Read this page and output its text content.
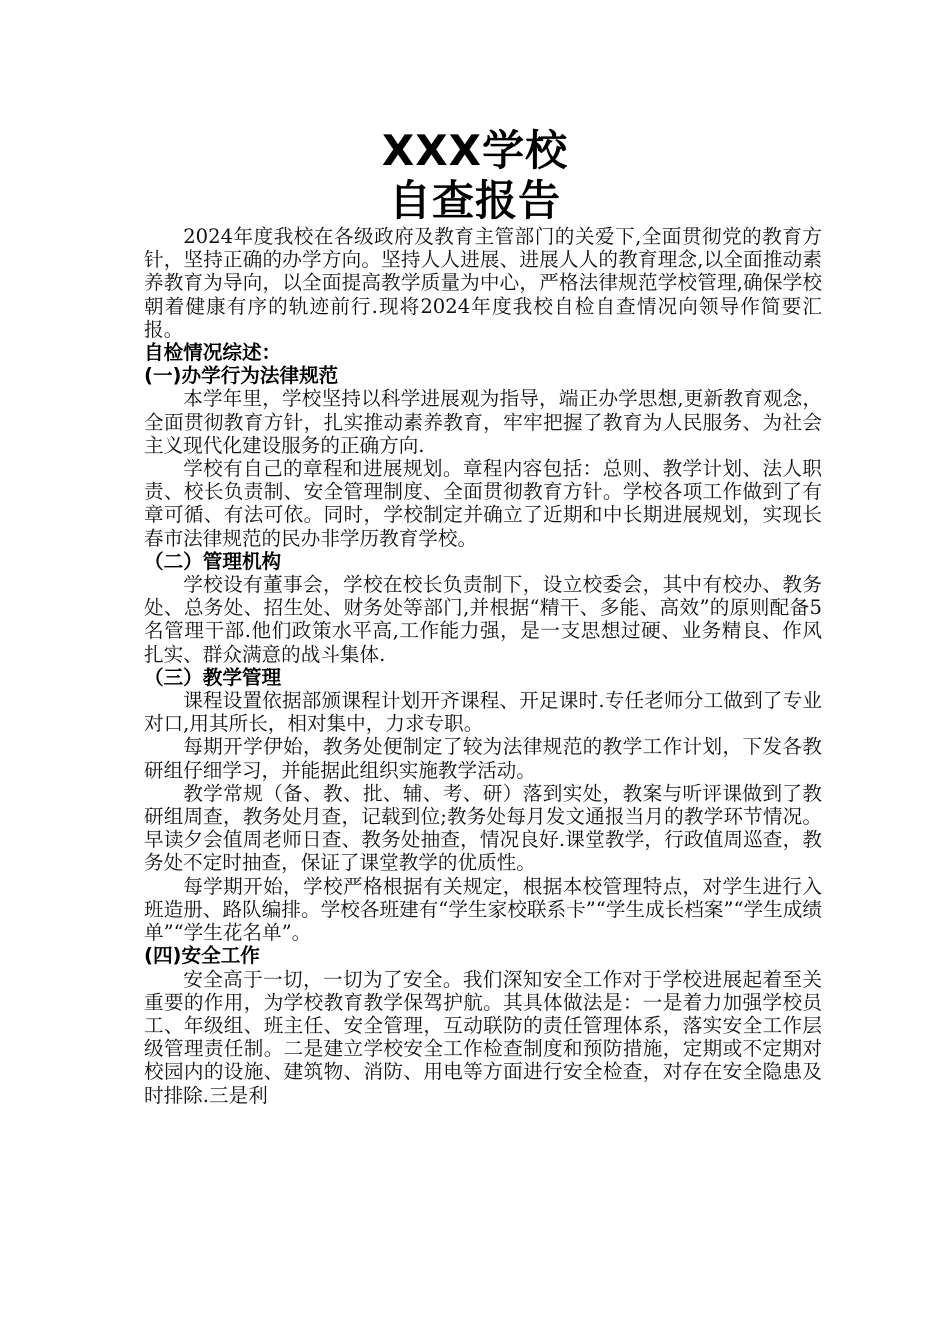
XXX学校
自查报告

2024年度我校在各级政府及教育主管部门的关爱下,全面贯彻党的教育方针，坚持正确的办学方向。坚持人人进展、进展人人的教育理念,以全面推动素养教育为导向，以全面提高教学质量为中心，严格法律规范学校管理,确保学校朝着健康有序的轨迹前行.现将2024年度我校自检自查情况向领导作简要汇报。

自检情况综述：

(一)办学行为法律规范

本学年里，学校坚持以科学进展观为指导，端正办学思想,更新教育观念，全面贯彻教育方针，扎实推动素养教育，牢牢把握了教育为人民服务、为社会主义现代化建设服务的正确方向.

学校有自己的章程和进展规划。章程内容包括：总则、教学计划、法人职责、校长负责制、安全管理制度、全面贯彻教育方针。学校各项工作做到了有章可循、有法可依。同时，学校制定并确立了近期和中长期进展规划，实现长春市法律规范的民办非学历教育学校。

（二）管理机构

学校设有董事会，学校在校长负责制下，设立校委会，其中有校办、教务处、总务处、招生处、财务处等部门,并根据“精干、多能、高效”的原则配备5名管理干部.他们政策水平高,工作能力强，是一支思想过硬、业务精良、作风扎实、群众满意的战斗集体.

（三）教学管理

课程设置依据部颁课程计划开齐课程、开足课时.专任老师分工做到了专业对口,用其所长，相对集中，力求专职。

每期开学伊始，教务处便制定了较为法律规范的教学工作计划，下发各教研组仔细学习，并能据此组织实施教学活动。

教学常规（备、教、批、辅、考、研）落到实处，教案与听评课做到了教研组周查，教务处月查，记载到位;教务处每月发文通报当月的教学环节情况。早读夕会值周老师日查、教务处抽查，情况良好.课堂教学，行政值周巡查，教务处不定时抽查，保证了课堂教学的优质性。

每学期开始，学校严格根据有关规定，根据本校管理特点，对学生进行入班造册、路队编排。学校各班建有“学生家校联系卡”“学生成长档案”“学生成绩单”“学生花名单”。

(四)安全工作

安全高于一切，一切为了安全。我们深知安全工作对于学校进展起着至关重要的作用，为学校教育教学保驾护航。其具体做法是：一是着力加强学校员工、年级组、班主任、安全管理，互动联防的责任管理体系，落实安全工作层级管理责任制。二是建立学校安全工作检查制度和预防措施，定期或不定期对校园内的设施、建筑物、消防、用电等方面进行安全检查，对存在安全隐患及时排除.三是利
